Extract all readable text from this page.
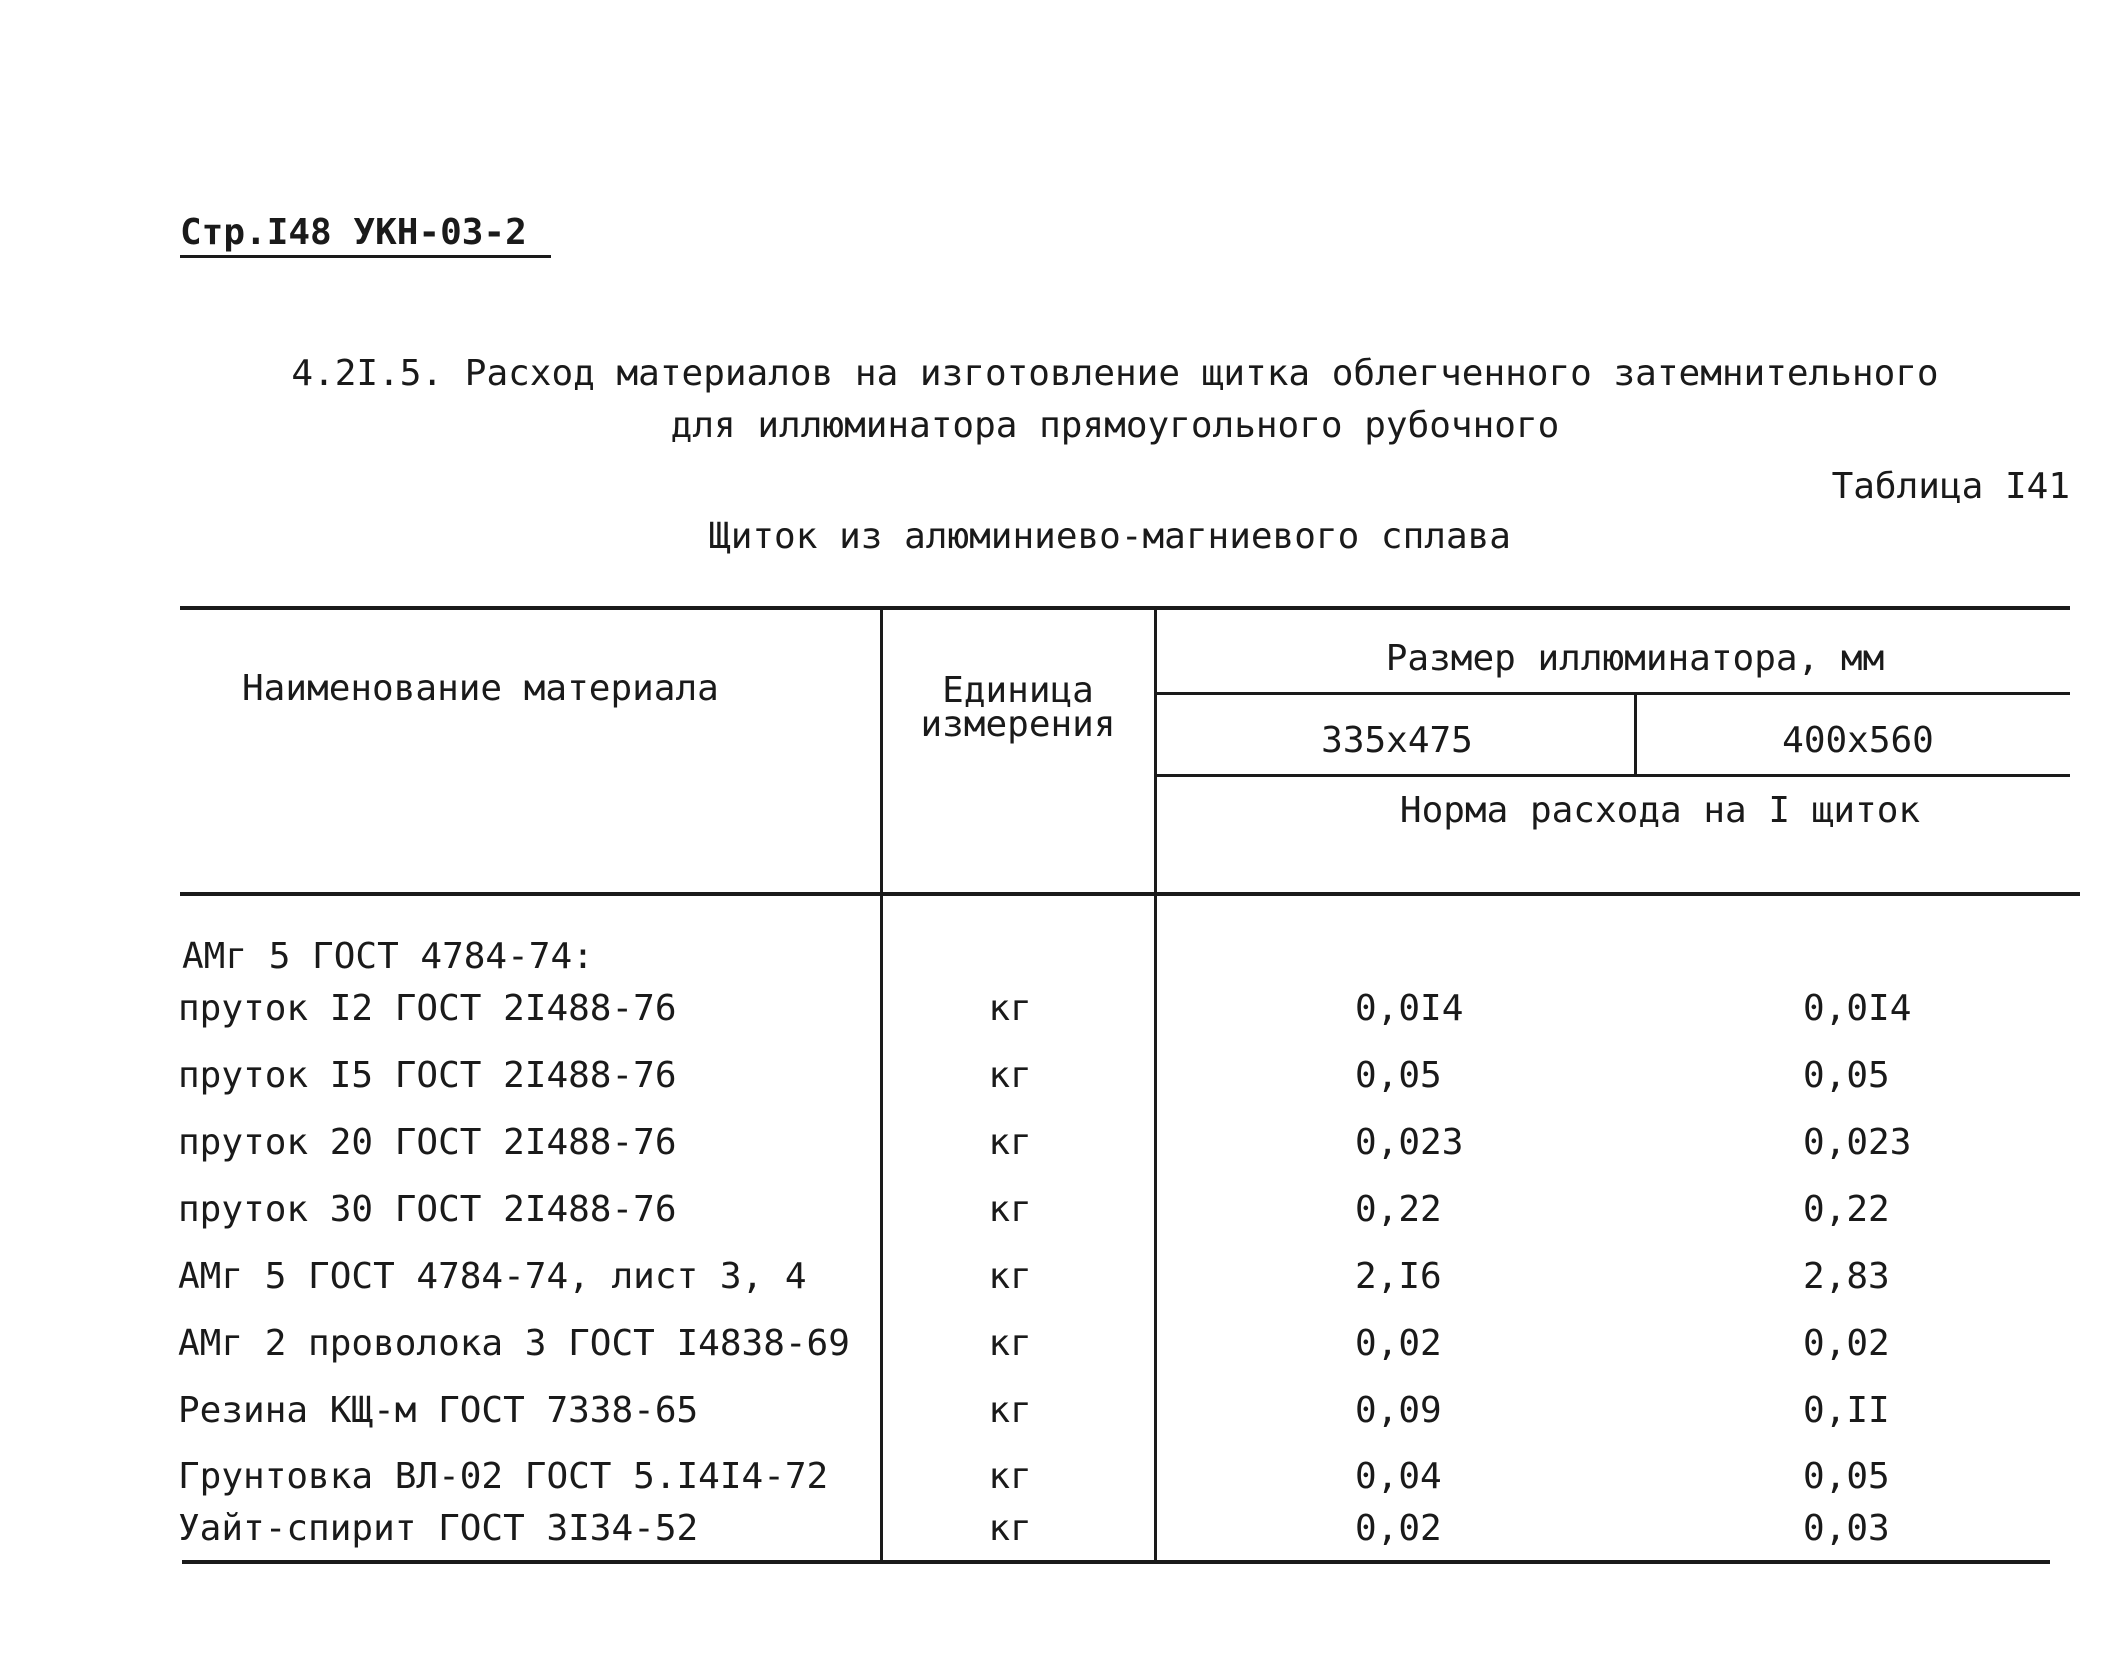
Стр.I48 УКН-03-2
4.2I.5. Расход материалов на изготовление щитка облегченного затемнительного
для иллюминатора прямоугольного рубочного
Таблица I41
Щиток из алюминиево-магниевого сплава
Наименование материала	Единица
измерения
Размер иллюминатора, мм
335x475	400x560
Норма расхода на I щиток
АМг 5 ГОСТ 4784-74:
пруток I2 ГОСТ 2I488-76	кг	0,0I4	0,0I4
пруток I5 ГОСТ 2I488-76	кг	0,05	0,05
пруток 20 ГОСТ 2I488-76	кг	0,023	0,023
пруток 30 ГОСТ 2I488-76	кг	0,22	0,22
АМг 5 ГОСТ 4784-74, лист 3, 4	кг	2,I6	2,83
АМг 2 проволока 3 ГОСТ I4838-69	кг	0,02	0,02
Резина КЩ-м ГОСТ 7338-65	кг	0,09	0,II
Грунтовка ВЛ-02 ГОСТ 5.I4I4-72	кг	0,04	0,05
Уайт-спирит ГОСТ 3I34-52	кг	0,02	0,03
